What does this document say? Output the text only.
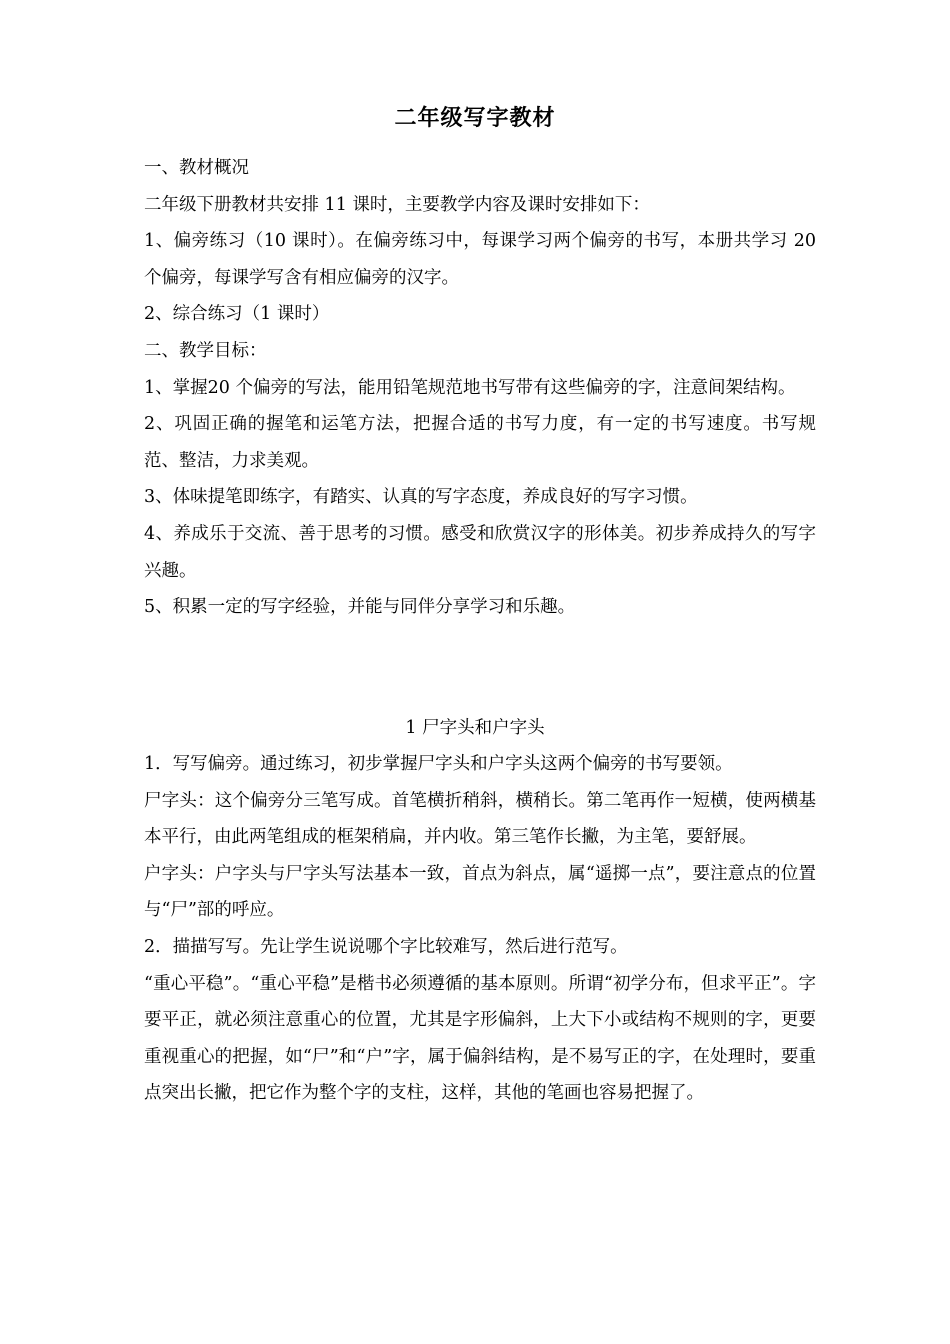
二年级写字教材

一、教材概况

二年级下册教材共安排 11 课时，主要教学内容及课时安排如下：

1、偏旁练习（10 课时）。在偏旁练习中，每课学习两个偏旁的书写，本册共学习 20 个偏旁，每课学写含有相应偏旁的汉字。

2、综合练习（1 课时）

二、教学目标：

1、掌握20 个偏旁的写法，能用铅笔规范地书写带有这些偏旁的字，注意间架结构。

2、巩固正确的握笔和运笔方法，把握合适的书写力度，有一定的书写速度。书写规范、整洁，力求美观。

3、体味提笔即练字，有踏实、认真的写字态度，养成良好的写字习惯。

4、养成乐于交流、善于思考的习惯。感受和欣赏汉字的形体美。初步养成持久的写字兴趣。

5、积累一定的写字经验，并能与同伴分享学习和乐趣。

1 尸字头和户字头

1．写写偏旁。通过练习，初步掌握尸字头和户字头这两个偏旁的书写要领。

尸字头：这个偏旁分三笔写成。首笔横折稍斜，横稍长。第二笔再作一短横，使两横基本平行，由此两笔组成的框架稍扁，并内收。第三笔作长撇，为主笔，要舒展。

户字头：户字头与尸字头写法基本一致，首点为斜点，属“遥掷一点”，要注意点的位置与“尸”部的呼应。

2．描描写写。先让学生说说哪个字比较难写，然后进行范写。

“重心平稳”。“重心平稳”是楷书必须遵循的基本原则。所谓“初学分布，但求平正”。字要平正，就必须注意重心的位置，尤其是字形偏斜，上大下小或结构不规则的字，更要重视重心的把握，如“尸”和“户”字，属于偏斜结构，是不易写正的字，在处理时，要重点突出长撇，把它作为整个字的支柱，这样，其他的笔画也容易把握了。
